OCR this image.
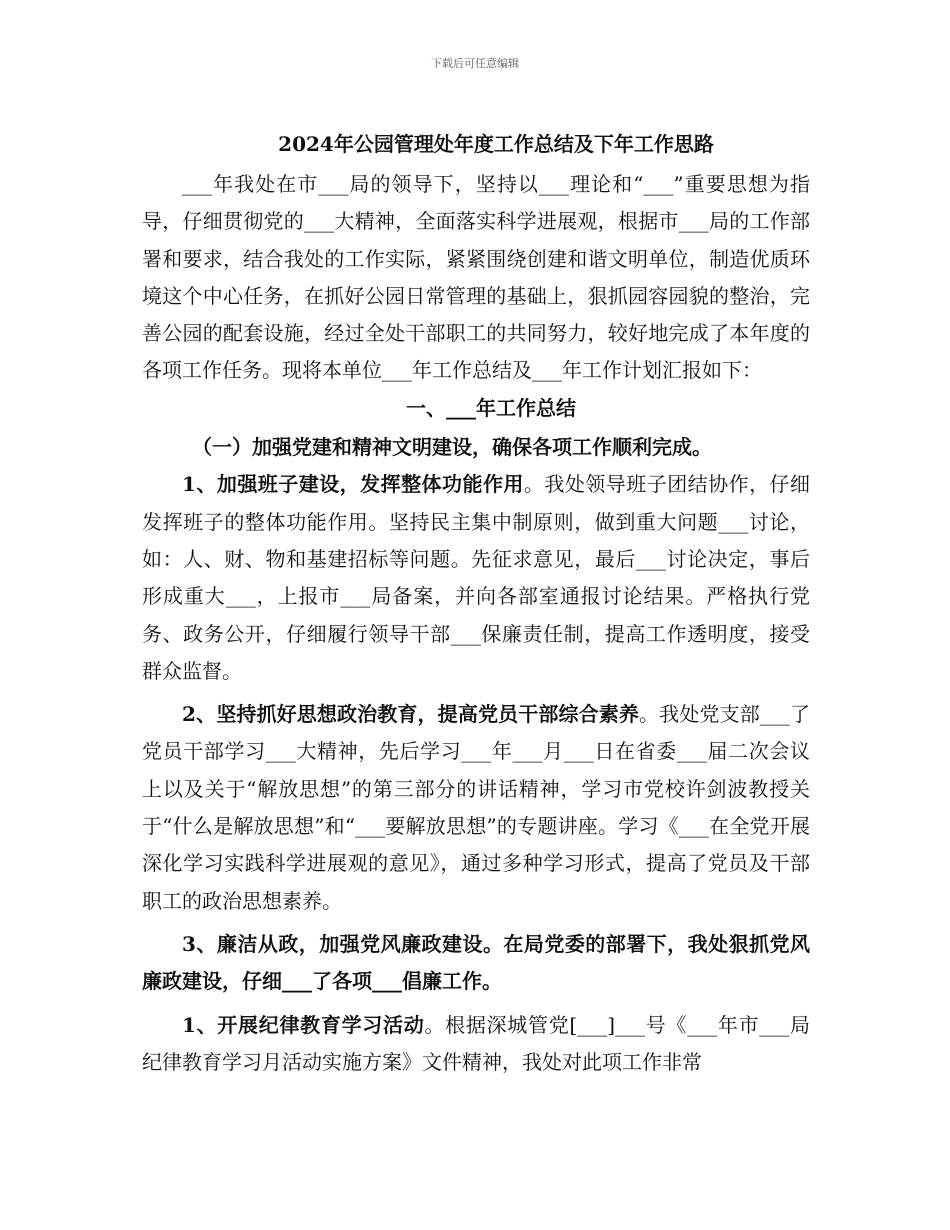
下载后可任意编辑
2024年公园管理处年度工作总结及下年工作思路

___年我处在市___局的领导下，坚持以___理论和“___”重要思想为指导，仔细贯彻党的___大精神，全面落实科学进展观，根据市___局的工作部署和要求，结合我处的工作实际，紧紧围绕创建和谐文明单位，制造优质环境这个中心任务，在抓好公园日常管理的基础上，狠抓园容园貌的整治，完善公园的配套设施，经过全处干部职工的共同努力，较好地完成了本年度的各项工作任务。现将本单位___年工作总结及___年工作计划汇报如下：

一、___年工作总结

（一）加强党建和精神文明建设，确保各项工作顺利完成。

1、加强班子建设，发挥整体功能作用。我处领导班子团结协作，仔细发挥班子的整体功能作用。坚持民主集中制原则，做到重大问题___讨论，如：人、财、物和基建招标等问题。先征求意见，最后___讨论决定，事后形成重大___，上报市___局备案，并向各部室通报讨论结果。严格执行党务、政务公开，仔细履行领导干部___保廉责任制，提高工作透明度，接受群众监督。

2、坚持抓好思想政治教育，提高党员干部综合素养。我处党支部___了党员干部学习___大精神，先后学习___年___月___日在省委___届二次会议上以及关于“解放思想”的第三部分的讲话精神，学习市党校许剑波教授关于“什么是解放思想”和“___要解放思想”的专题讲座。学习《___在全党开展深化学习实践科学进展观的意见》，通过多种学习形式，提高了党员及干部职工的政治思想素养。

3、廉洁从政，加强党风廉政建设。在局党委的部署下，我处狠抓党风廉政建设，仔细___了各项___倡廉工作。

1、开展纪律教育学习活动。根据深城管党[___]___号《___年市___局纪律教育学习月活动实施方案》文件精神，我处对此项工作非常
